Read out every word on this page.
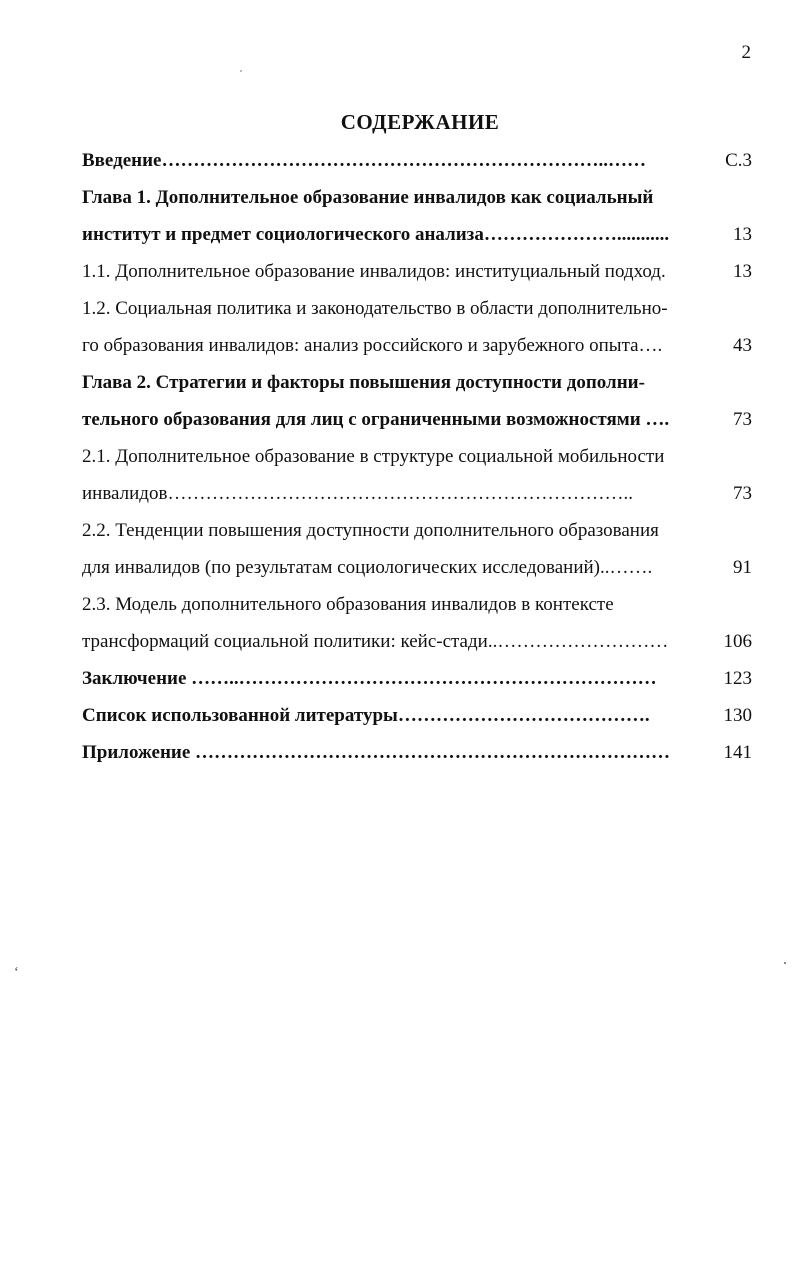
2
СОДЕРЖАНИЕ
Введение……………………………………………………………..……	С.3
Глава 1. Дополнительное образование инвалидов как социальный
институт и предмет социологического анализа…………………...........	13
1.1. Дополнительное образование инвалидов: институциальный подход.	13
1.2. Социальная политика и законодательство в области дополнительно-
го образования инвалидов: анализ российского и зарубежного опыта….	43
Глава 2. Стратегии и факторы повышения доступности дополни-
тельного образования для лиц с ограниченными возможностями ….	73
2.1. Дополнительное образование в структуре социальной мобильности
инвалидов………………………………………………………………..	73
2.2. Тенденции повышения доступности дополнительного образования
для инвалидов (по результатам социологических исследований)..…….	91
2.3. Модель дополнительного образования инвалидов в контексте
трансформаций социальной политики: кейс-стади..………………………	106
Заключение ……..…………………………………………………………	123
Список использованной литературы………………………………….	130
Приложение …………………………………………………………………	141
ʻ
